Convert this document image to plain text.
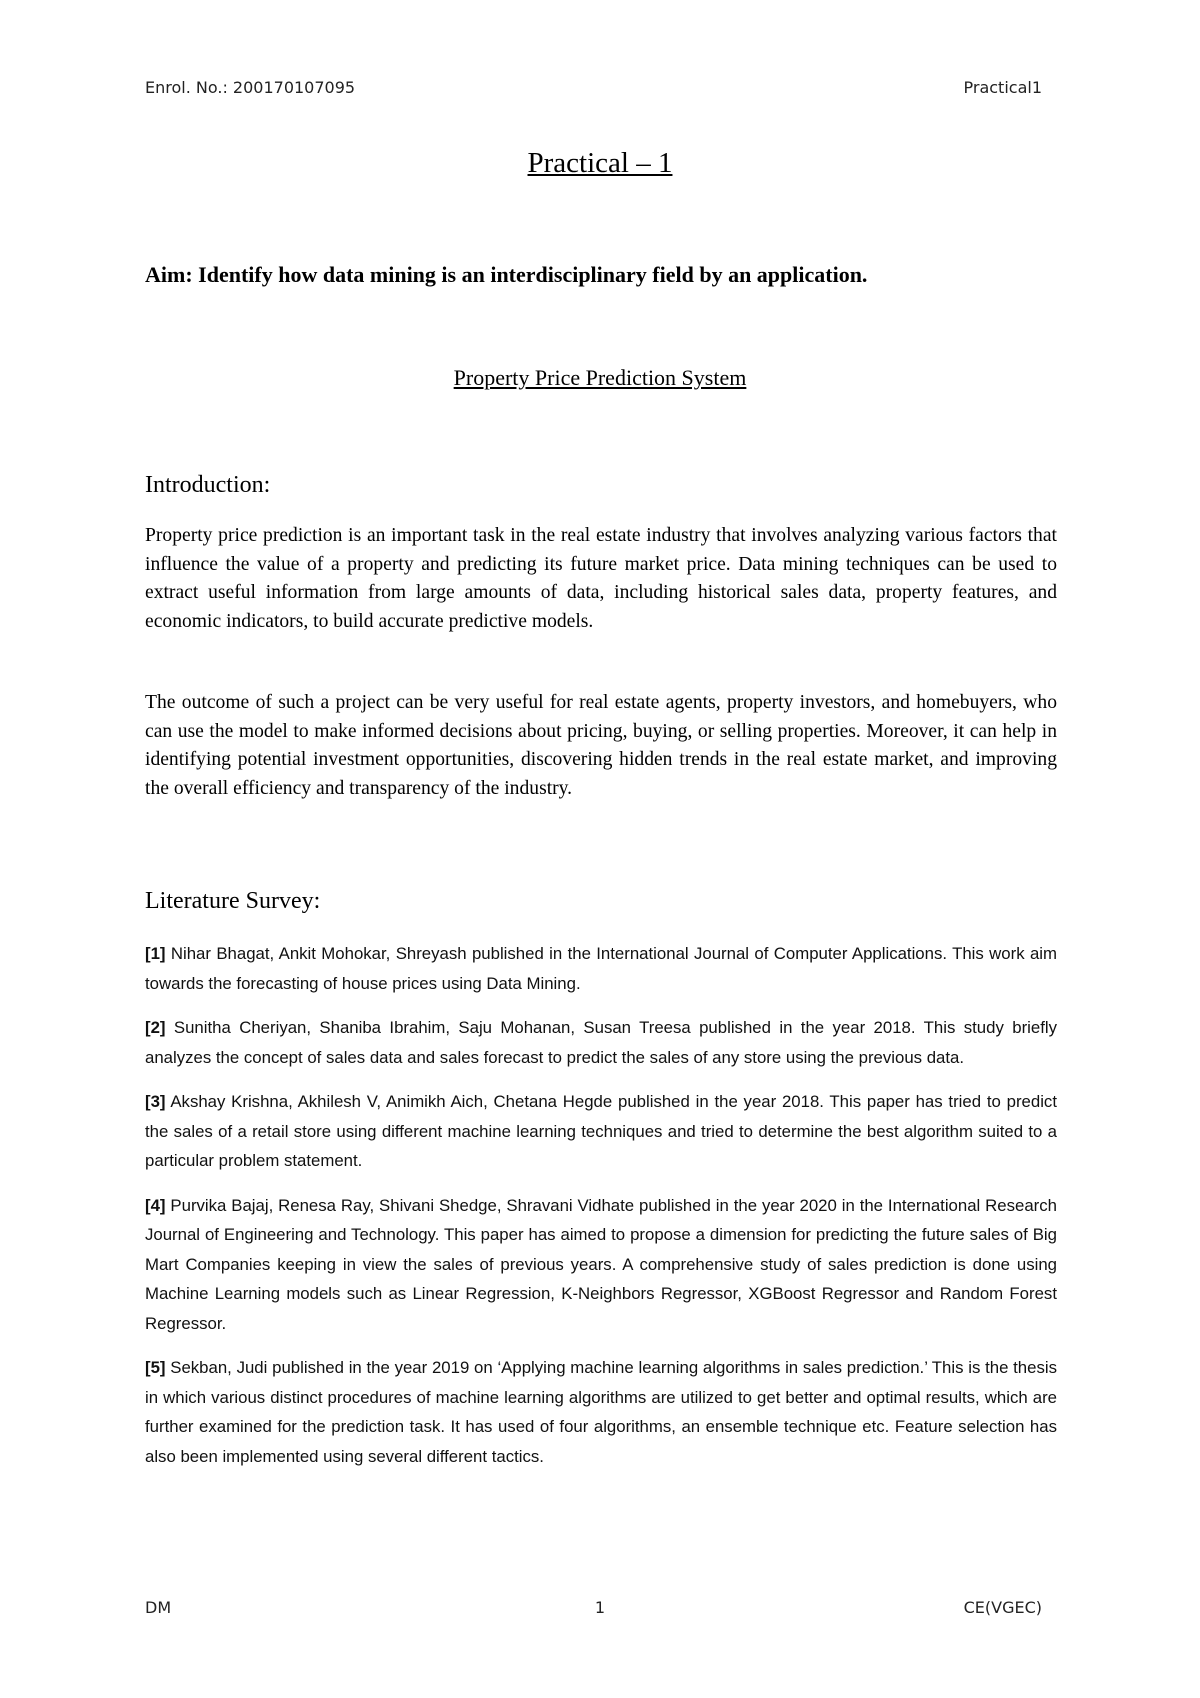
Enrol. No.: 200170107095	Practical1
Practical – 1
Aim: Identify how data mining is an interdisciplinary field by an application.
Property Price Prediction System
Introduction:
Property price prediction is an important task in the real estate industry that involves analyzing various factors that influence the value of a property and predicting its future market price. Data mining techniques can be used to extract useful information from large amounts of data, including historical sales data, property features, and economic indicators, to build accurate predictive models.
The outcome of such a project can be very useful for real estate agents, property investors, and homebuyers, who can use the model to make informed decisions about pricing, buying, or selling properties. Moreover, it can help in identifying potential investment opportunities, discovering hidden trends in the real estate market, and improving the overall efficiency and transparency of the industry.
Literature Survey:

[1] Nihar Bhagat, Ankit Mohokar, Shreyash published in the International Journal of Computer Applications. This work aim towards the forecasting of house prices using Data Mining.

[2] Sunitha Cheriyan, Shaniba Ibrahim, Saju Mohanan, Susan Treesa published in the year 2018. This study briefly analyzes the concept of sales data and sales forecast to predict the sales of any store using the previous data.

[3] Akshay Krishna, Akhilesh V, Animikh Aich, Chetana Hegde published in the year 2018. This paper has tried to predict the sales of a retail store using different machine learning techniques and tried to determine the best algorithm suited to a particular problem statement.

[4] Purvika Bajaj, Renesa Ray, Shivani Shedge, Shravani Vidhate published in the year 2020 in the International Research Journal of Engineering and Technology. This paper has aimed to propose a dimension for predicting the future sales of Big Mart Companies keeping in view the sales of previous years. A comprehensive study of sales prediction is done using Machine Learning models such as Linear Regression, K-Neighbors Regressor, XGBoost Regressor and Random Forest Regressor.

[5] Sekban, Judi published in the year 2019 on ‘Applying machine learning algorithms in sales prediction.’ This is the thesis in which various distinct procedures of machine learning algorithms are utilized to get better and optimal results, which are further examined for the prediction task. It has used of four algorithms, an ensemble technique etc. Feature selection has also been implemented using several different tactics.

DM	1	CE(VGEC)
